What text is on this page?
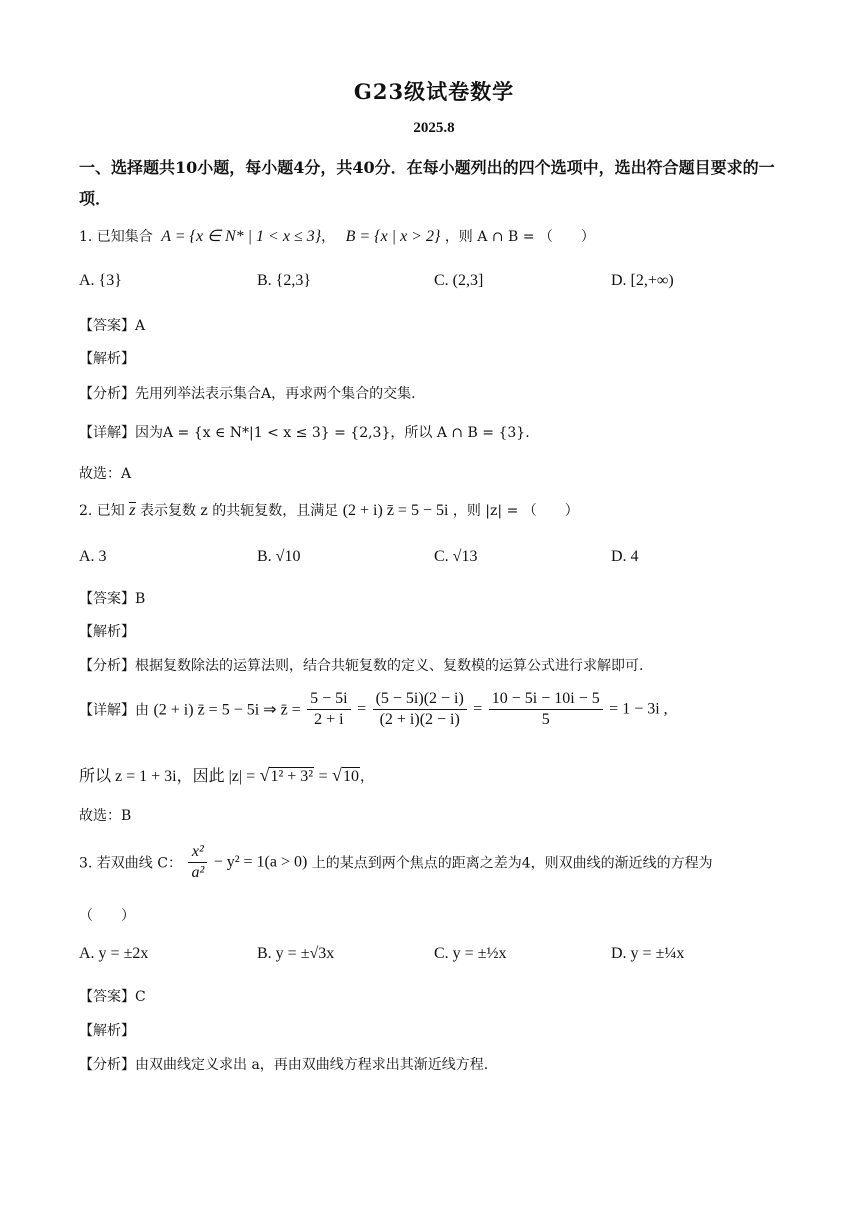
G23级试卷数学
2025.8
一、选择题共10小题，每小题4分，共40分．在每小题列出的四个选项中，选出符合题目要求的一项．
1. 已知集合 A = {x ∈ N* | 1 < x ≤ 3}， B = {x | x > 2} ，则 A ∩ B = （　　）
A. {3}	B. {2,3}	C. (2,3]	D. [2,+∞)
【答案】A
【解析】
【分析】先用列举法表示集合A，再求两个集合的交集.
【详解】因为A = {x ∈ N*|1 < x ≤ 3} = {2,3}，所以 A ∩ B = {3}.
故选：A
2. 已知 z 表示复数 z 的共轭复数，且满足 (2 + i) z̄ = 5 − 5i ，则 |z| = （　　）
A. 3	B. √10	C. √13	D. 4
【答案】B
【解析】
【分析】根据复数除法的运算法则，结合共轭复数的定义、复数模的运算公式进行求解即可.
【详解】由 (2 + i) z̄ = 5 − 5i ⇒ z̄ = $\frac{5 - 5i}{2 + i} = \frac{(5 - 5i)(2 - i)}{(2 + i)(2 - i)} = \frac{10 - 5i - 10i - 5}{5} = 1 - 3i$ ,
所以 z = 1 + 3i，因此 |z| = √1² + 3² = √10，
故选：B
3. 若双曲线 C： $\frac{\text{x²}}{\text{a²}} - y^2 = 1(a > 0)$ 上的某点到两个焦点的距离之差为4，则双曲线的渐近线的方程为
（　　）
A. y = ±2x	B. y = ±√3x	C. y = ±½x	D. y = ±¼x
【答案】C
【解析】
【分析】由双曲线定义求出 a，再由双曲线方程求出其渐近线方程.
